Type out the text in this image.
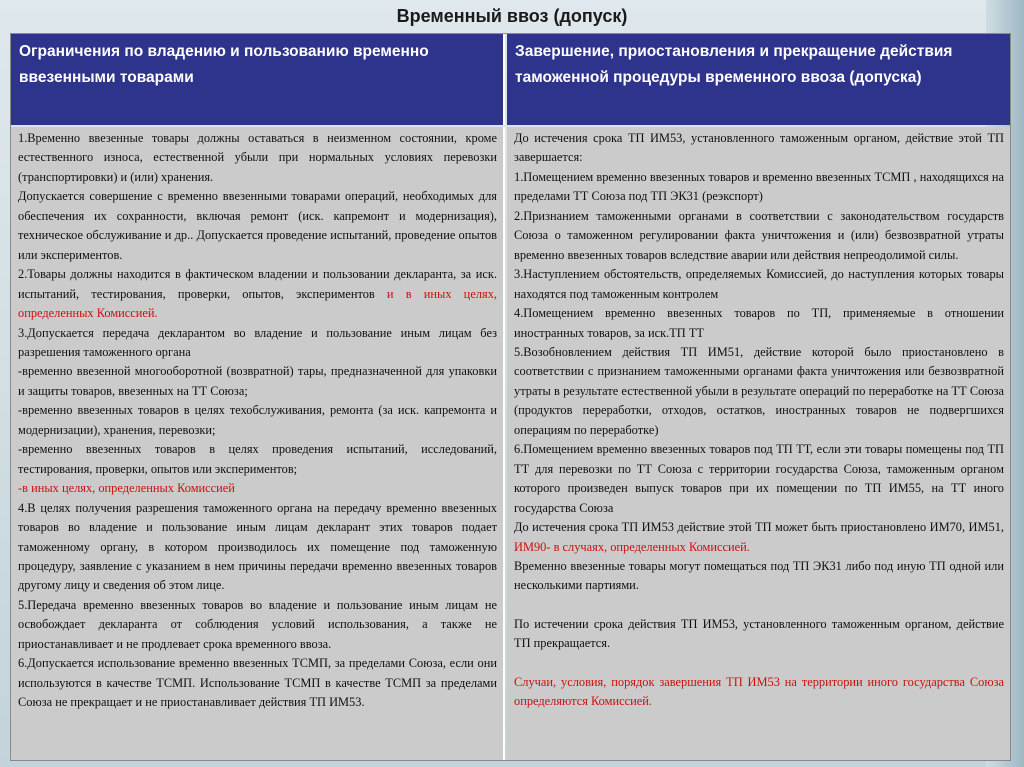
Временный ввоз (допуск)
Ограничения по владению и пользованию временно ввезенными товарами
Завершение, приостановления и прекращение действия таможенной процедуры временного ввоза (допуска)

1.Временно ввезенные товары должны оставаться в неизменном состоянии, кроме естественного износа, естественной убыли при нормальных условиях перевозки (транспортировки) и (или) хранения.

Допускается совершение с временно ввезенными товарами операций, необходимых для обеспечения их сохранности, включая ремонт (иск. капремонт и модернизация), техническое обслуживание и др.. Допускается проведение испытаний, проведение опытов или экспериментов.

2.Товары должны находится в фактическом владении и пользовании декларанта, за иск. испытаний, тестирования, проверки, опытов, экспериментов и в иных целях, определенных Комиссией.

3.Допускается передача декларантом во владение и пользование иным лицам без разрешения таможенного органа

-временно ввезенной многооборотной (возвратной) тары, предназначенной для упаковки и защиты товаров, ввезенных на ТТ Союза;

-временно ввезенных товаров в целях техобслуживания, ремонта (за иск. капремонта и модернизации), хранения, перевозки;

-временно ввезенных товаров в целях проведения испытаний, исследований, тестирования, проверки, опытов или экспериментов;

-в иных целях, определенных Комиссией

4.В целях получения разрешения таможенного органа на передачу временно ввезенных товаров во владение и пользование иным лицам декларант этих товаров подает таможенному органу, в котором производилось их помещение под таможенную процедуру, заявление с указанием в нем причины передачи временно ввезенных товаров другому лицу и сведения об этом лице.

5.Передача временно ввезенных товаров во владение и пользование иным лицам не освобождает декларанта от соблюдения условий использования, а также не приостанавливает и не продлевает срока временного ввоза.

6.Допускается использование временно ввезенных ТСМП, за пределами Союза, если они используются в качестве ТСМП. Использование ТСМП в качестве ТСМП за пределами Союза не прекращает и не приостанавливает действия ТП ИМ53.

До истечения срока ТП ИМ53, установленного таможенным органом, действие этой ТП завершается:

1.Помещением временно ввезенных товаров и временно ввезенных ТСМП , находящихся на пределами ТТ Союза под ТП ЭК31 (реэкспорт)

2.Признанием таможенными органами в соответствии с законодательством государств Союза о таможенном регулировании факта уничтожения и (или) безвозвратной утраты временно ввезенных товаров вследствие аварии или действия непреодолимой силы.

3.Наступлением обстоятельств, определяемых Комиссией, до наступления которых товары находятся под таможенным контролем

4.Помещением временно ввезенных товаров по ТП, применяемые в отношении иностранных товаров, за иск.ТП ТТ

5.Возобновлением действия ТП ИМ51, действие которой было приостановлено в соответствии с признанием таможенными органами факта уничтожения или безвозвратной утраты в результате естественной убыли в результате операций по переработке на ТТ Союза (продуктов переработки, отходов, остатков, иностранных товаров не подвергшихся операциям по переработке)

6.Помещением временно ввезенных товаров под ТП ТТ, если эти товары помещены под ТП ТТ для перевозки по ТТ Союза с территории государства Союза, таможенным органом которого произведен выпуск товаров при их помещении по ТП ИМ55, на ТТ иного государства Союза

До истечения срока ТП ИМ53 действие этой ТП может быть приостановлено ИМ70, ИМ51, ИМ90- в случаях, определенных Комиссией.

Временно ввезенные товары могут помещаться под ТП ЭК31 либо под иную ТП одной или несколькими партиями.

По истечении срока действия ТП ИМ53, установленного таможенным органом, действие ТП прекращается.

Случаи, условия, порядок завершения ТП ИМ53 на территории иного государства Союза определяются Комиссией.
